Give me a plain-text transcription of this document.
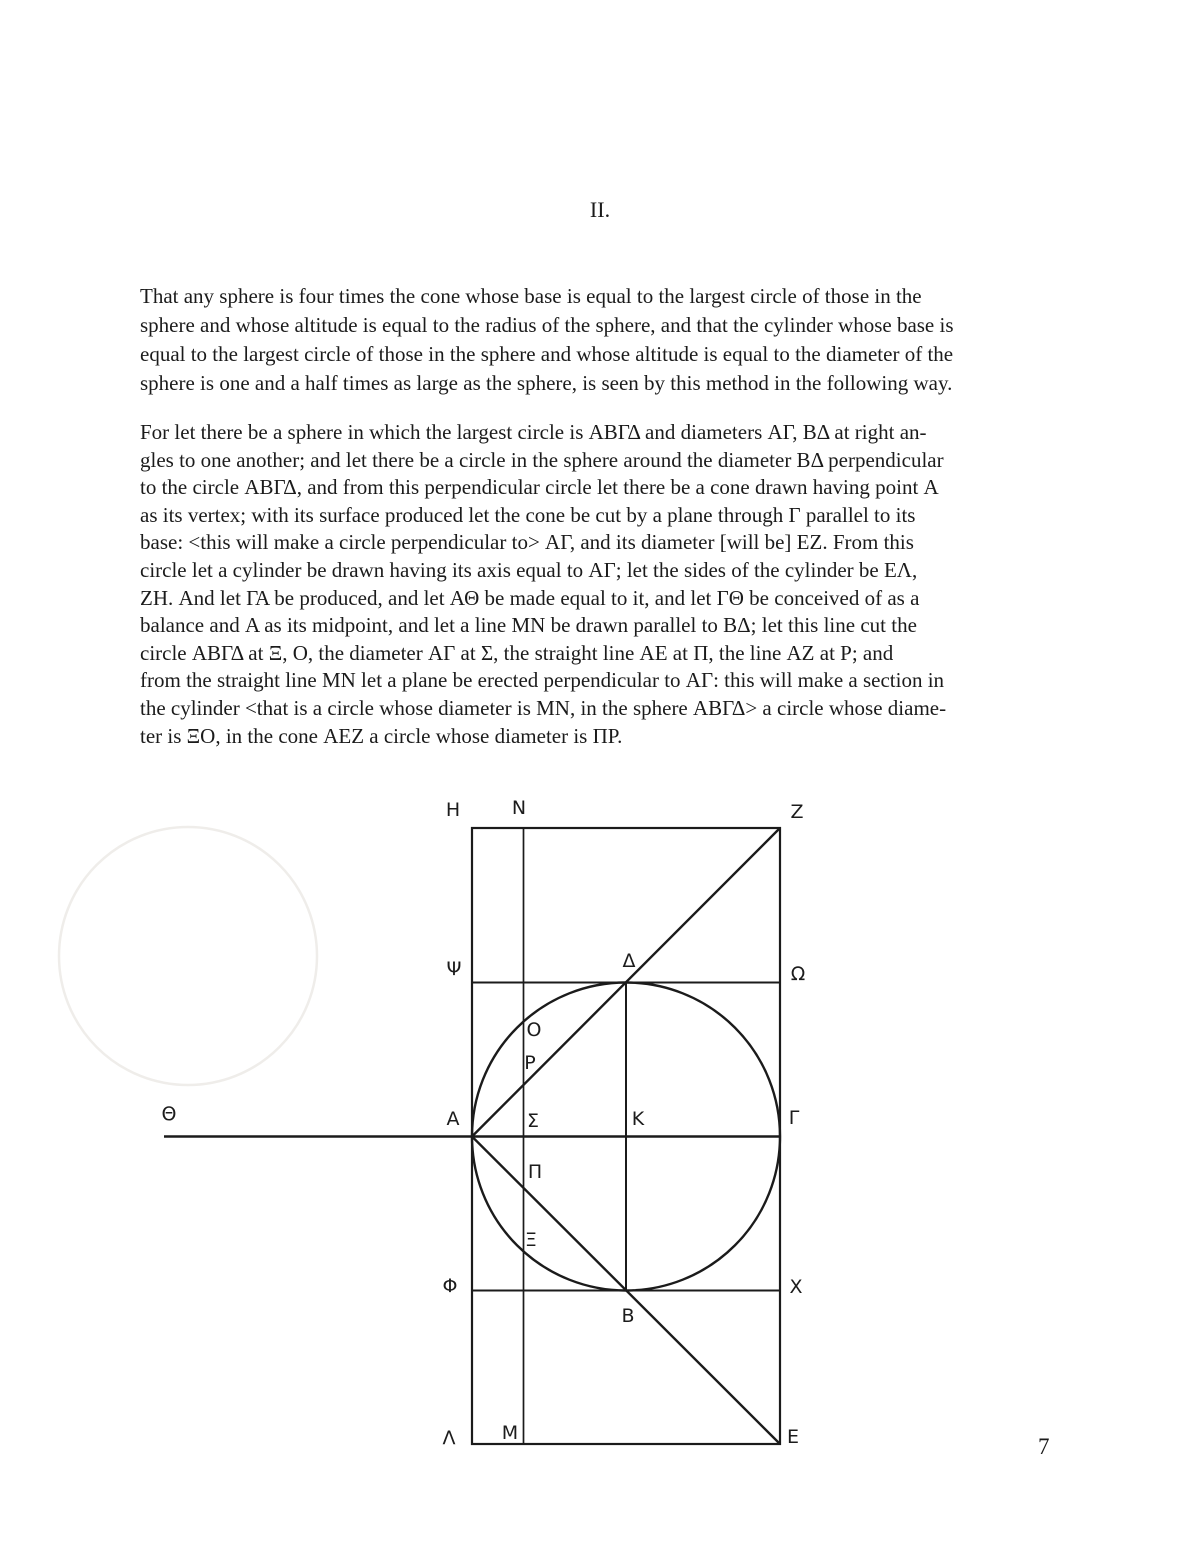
II.
That any sphere is four times the cone whose base is equal to the largest circle of those in the
sphere and whose altitude is equal to the radius of the sphere, and that the cylinder whose base is
equal to the largest circle of those in the sphere and whose altitude is equal to the diameter of the
sphere is one and a half times as large as the sphere, is seen by this method in the following way.
For let there be a sphere in which the largest circle is ΑΒΓΔ and diameters ΑΓ, ΒΔ at right an-
gles to one another; and let there be a circle in the sphere around the diameter ΒΔ perpendicular
to the circle ΑΒΓΔ, and from this perpendicular circle let there be a cone drawn having point Α
as its vertex; with its surface produced let the cone be cut by a plane through Γ parallel to its
base: <this will make a circle perpendicular to> ΑΓ, and its diameter [will be] ΕΖ. From this
circle let a cylinder be drawn having its axis equal to ΑΓ; let the sides of the cylinder be ΕΛ,
ΖΗ. And let ΓΑ be produced, and let ΑΘ be made equal to it, and let ΓΘ be conceived of as a
balance and Α as its midpoint, and let a line ΜΝ be drawn parallel to ΒΔ; let this line cut the
circle ΑΒΓΔ at Ξ, Ο, the diameter ΑΓ at Σ, the straight line ΑΕ at Π, the line ΑΖ at Ρ; and
from the straight line ΜΝ let a plane be erected perpendicular to ΑΓ: this will make a section in
the cylinder <that is a circle whose diameter is ΜΝ, in the sphere ΑΒΓΔ> a circle whose diame-
ter is ΞΟ, in the cone ΑΕΖ a circle whose diameter is ΠΡ.
H	N	Z
Ψ	Δ
Ω
O
P
Θ	A	Σ	K	Γ
Π
Ξ
Φ	X
B
Λ M	E	7
